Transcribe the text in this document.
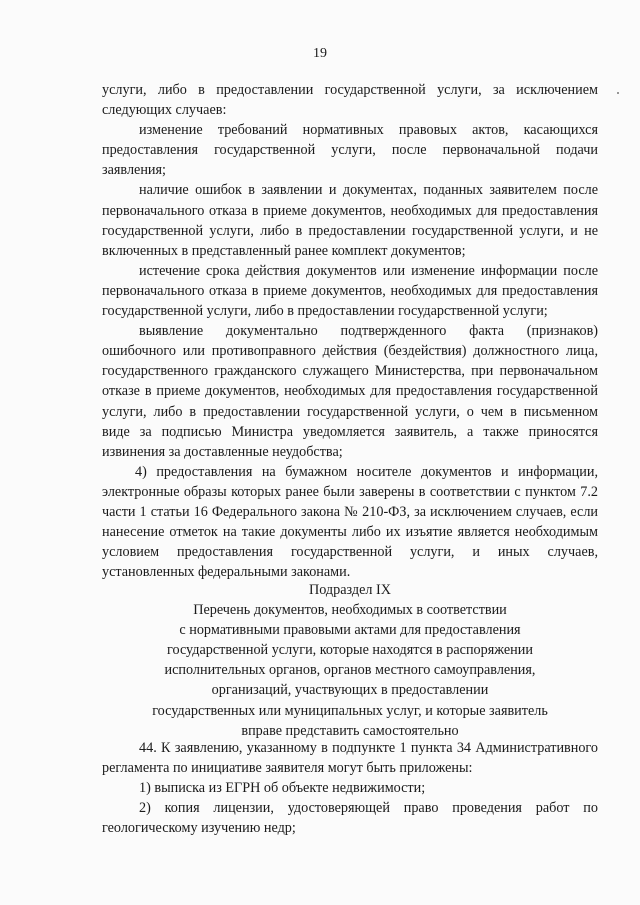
19

услуги, либо в предоставлении государственной услуги, за исключением следующих случаев:

изменение требований нормативных правовых актов, касающихся предоставления государственной услуги, после первоначальной подачи заявления;

наличие ошибок в заявлении и документах, поданных заявителем после первоначального отказа в приеме документов, необходимых для предоставления государственной услуги, либо в предоставлении государственной услуги, и не включенных в представленный ранее комплект документов;

истечение срока действия документов или изменение информации после первоначального отказа в приеме документов, необходимых для предоставления государственной услуги, либо в предоставлении государственной услуги;

выявление документально подтвержденного факта (признаков) ошибочного или противоправного действия (бездействия) должностного лица, государственного гражданского служащего Министерства, при первоначальном отказе в приеме документов, необходимых для предоставления государственной услуги, либо в предоставлении государственной услуги, о чем в письменном виде за подписью Министра уведомляется заявитель, а также приносятся извинения за доставленные неудобства;

4) предоставления на бумажном носителе документов и информации, электронные образы которых ранее были заверены в соответствии с пунктом 7.2 части 1 статьи 16 Федерального закона № 210-ФЗ, за исключением случаев, если нанесение отметок на такие документы либо их изъятие является необходимым условием предоставления государственной услуги, и иных случаев, установленных федеральными законами.

Подраздел IX
Перечень документов, необходимых в соответствии
с нормативными правовыми актами для предоставления
государственной услуги, которые находятся в распоряжении
исполнительных органов, органов местного самоуправления,
организаций, участвующих в предоставлении
государственных или муниципальных услуг, и которые заявитель
вправе представить самостоятельно

44. К заявлению, указанному в подпункте 1 пункта 34 Административного регламента по инициативе заявителя могут быть приложены:

1) выписка из ЕГРН об объекте недвижимости;

2) копия лицензии, удостоверяющей право проведения работ по геологическому изучению недр;
